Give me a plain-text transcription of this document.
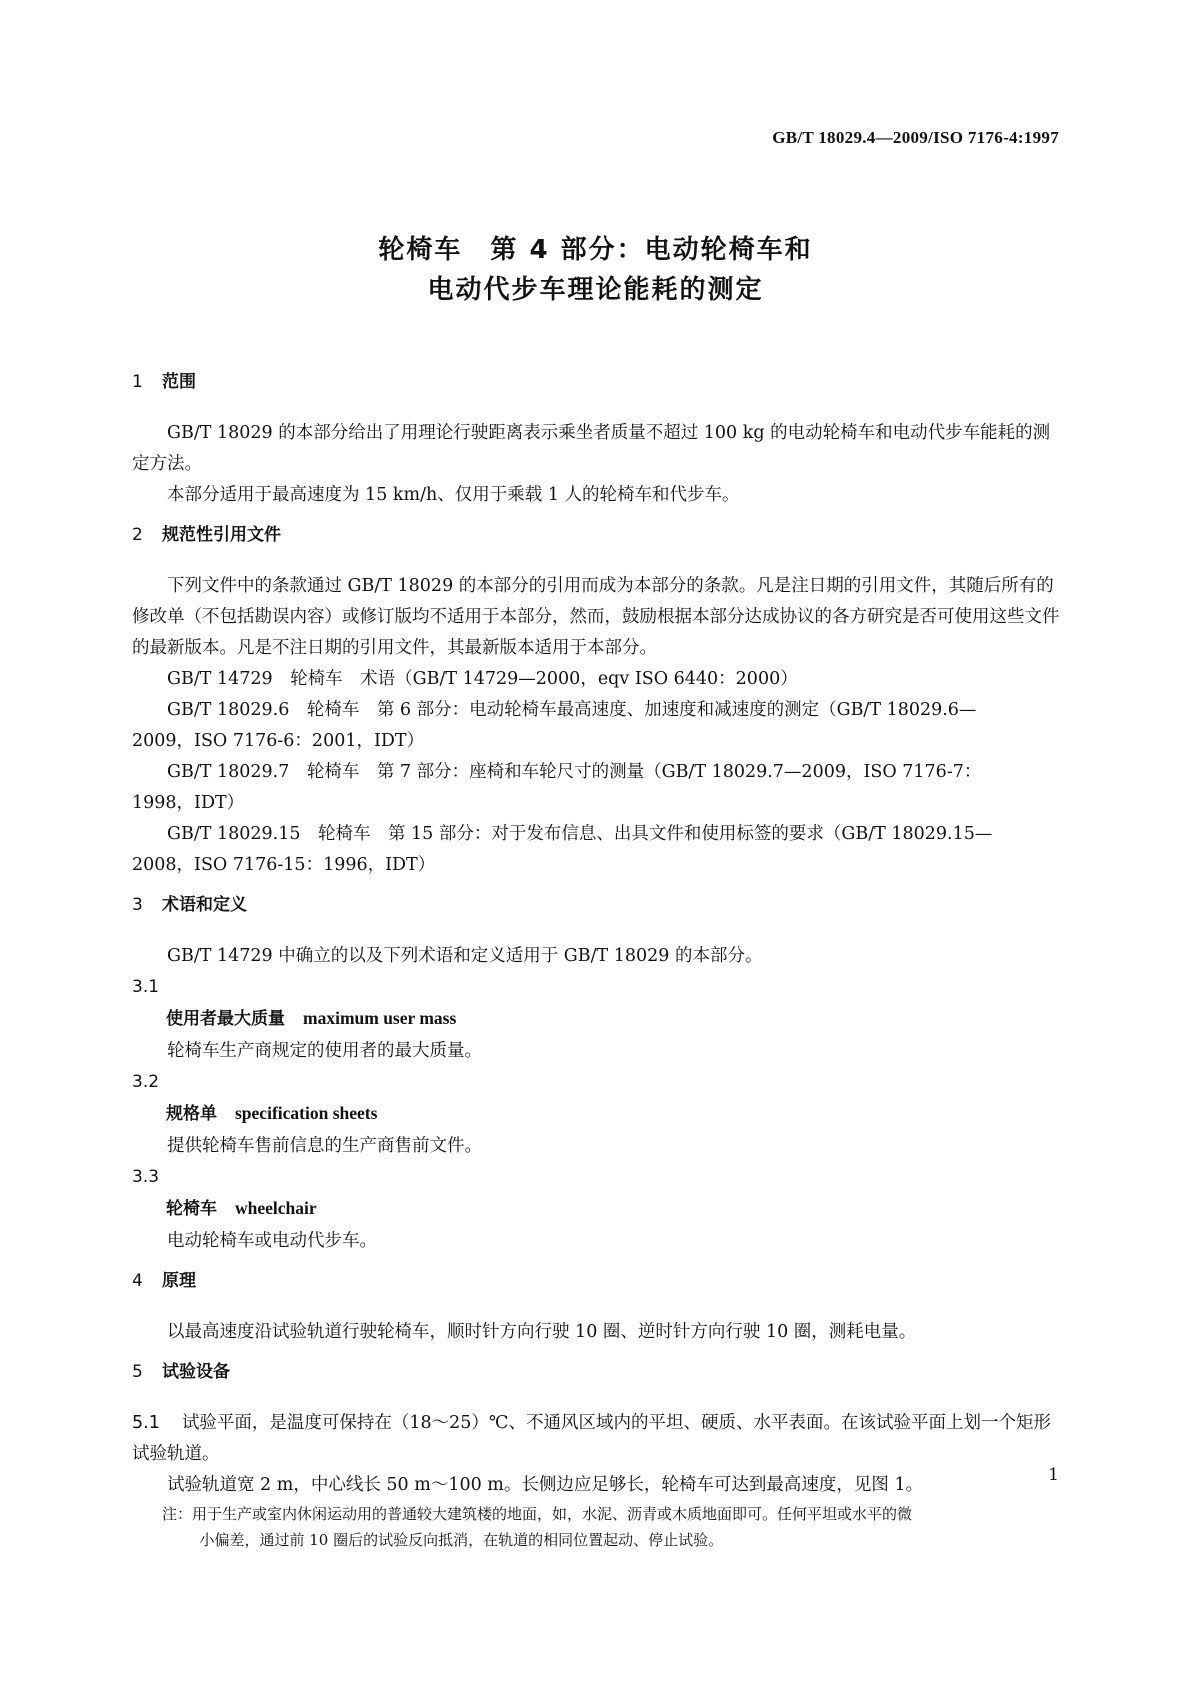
GB/T 18029.4—2009/ISO 7176-4:1997
轮椅车　第 4 部分：电动轮椅车和
电动代步车理论能耗的测定
1 范围

GB/T 18029 的本部分给出了用理论行驶距离表示乘坐者质量不超过 100 kg 的电动轮椅车和电动代步车能耗的测定方法。

本部分适用于最高速度为 15 km/h、仅用于乘载 1 人的轮椅车和代步车。

2 规范性引用文件

下列文件中的条款通过 GB/T 18029 的本部分的引用而成为本部分的条款。凡是注日期的引用文件，其随后所有的修改单（不包括勘误内容）或修订版均不适用于本部分，然而，鼓励根据本部分达成协议的各方研究是否可使用这些文件的最新版本。凡是不注日期的引用文件，其最新版本适用于本部分。

GB/T 14729　轮椅车　术语（GB/T 14729—2000，eqv ISO 6440：2000）

GB/T 18029.6　轮椅车　第 6 部分：电动轮椅车最高速度、加速度和减速度的测定（GB/T 18029.6—

2009，ISO 7176-6：2001，IDT）

GB/T 18029.7　轮椅车　第 7 部分：座椅和车轮尺寸的测量（GB/T 18029.7—2009，ISO 7176-7：

1998，IDT）

GB/T 18029.15　轮椅车　第 15 部分：对于发布信息、出具文件和使用标签的要求（GB/T 18029.15—

2008，ISO 7176-15：1996，IDT）

3 术语和定义

GB/T 14729 中确立的以及下列术语和定义适用于 GB/T 18029 的本部分。

3.1
使用者最大质量 maximum user mass
轮椅车生产商规定的使用者的最大质量。
3.2
规格单 specification sheets
提供轮椅车售前信息的生产商售前文件。
3.3
轮椅车 wheelchair
电动轮椅车或电动代步车。
4 原理

以最高速度沿试验轨道行驶轮椅车，顺时针方向行驶 10 圈、逆时针方向行驶 10 圈，测耗电量。

5 试验设备

5.1 试验平面，是温度可保持在（18～25）℃、不通风区域内的平坦、硬质、水平表面。在该试验平面上划一个矩形试验轨道。

试验轨道宽 2 m，中心线长 50 m～100 m。长侧边应足够长，轮椅车可达到最高速度，见图 1。

注：用于生产或室内休闲运动用的普通较大建筑楼的地面，如，水泥、沥青或木质地面即可。任何平坦或水平的微

小偏差，通过前 10 圈后的试验反向抵消，在轨道的相同位置起动、停止试验。

1
